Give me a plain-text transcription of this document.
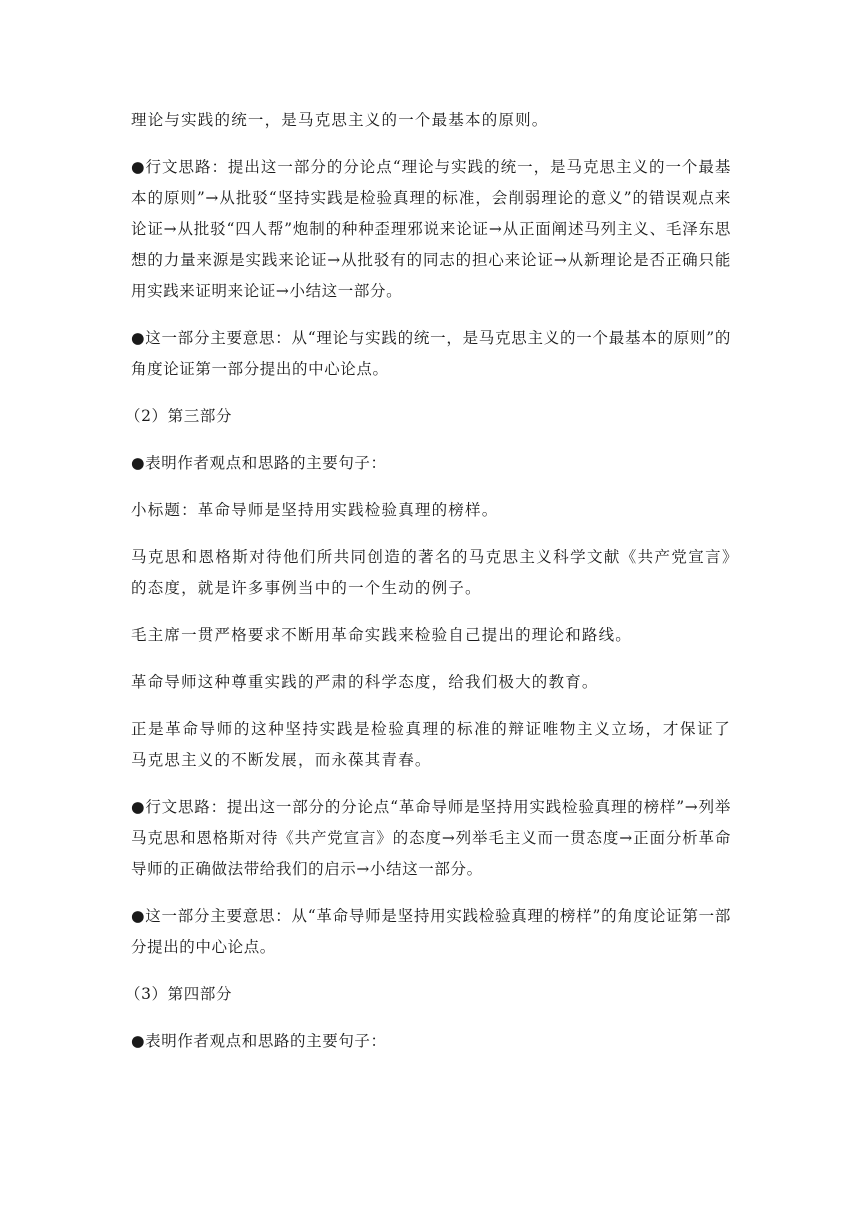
理论与实践的统一，是马克思主义的一个最基本的原则。

●行文思路：提出这一部分的分论点“理论与实践的统一，是马克思主义的一个最基本的原则”→从批驳“坚持实践是检验真理的标准，会削弱理论的意义”的错误观点来论证→从批驳“四人帮”炮制的种种歪理邪说来论证→从正面阐述马列主义、毛泽东思想的力量来源是实践来论证→从批驳有的同志的担心来论证→从新理论是否正确只能用实践来证明来论证→小结这一部分。

●这一部分主要意思：从“理论与实践的统一，是马克思主义的一个最基本的原则”的角度论证第一部分提出的中心论点。

（2）第三部分

●表明作者观点和思路的主要句子：

小标题：革命导师是坚持用实践检验真理的榜样。

马克思和恩格斯对待他们所共同创造的著名的马克思主义科学文献《共产党宣言》的态度，就是许多事例当中的一个生动的例子。

毛主席一贯严格要求不断用革命实践来检验自己提出的理论和路线。

革命导师这种尊重实践的严肃的科学态度，给我们极大的教育。

正是革命导师的这种坚持实践是检验真理的标准的辩证唯物主义立场，才保证了马克思主义的不断发展，而永葆其青春。

●行文思路：提出这一部分的分论点“革命导师是坚持用实践检验真理的榜样”→列举马克思和恩格斯对待《共产党宣言》的态度→列举毛主义而一贯态度→正面分析革命导师的正确做法带给我们的启示→小结这一部分。

●这一部分主要意思：从“革命导师是坚持用实践检验真理的榜样”的角度论证第一部分提出的中心论点。

（3）第四部分

●表明作者观点和思路的主要句子：
